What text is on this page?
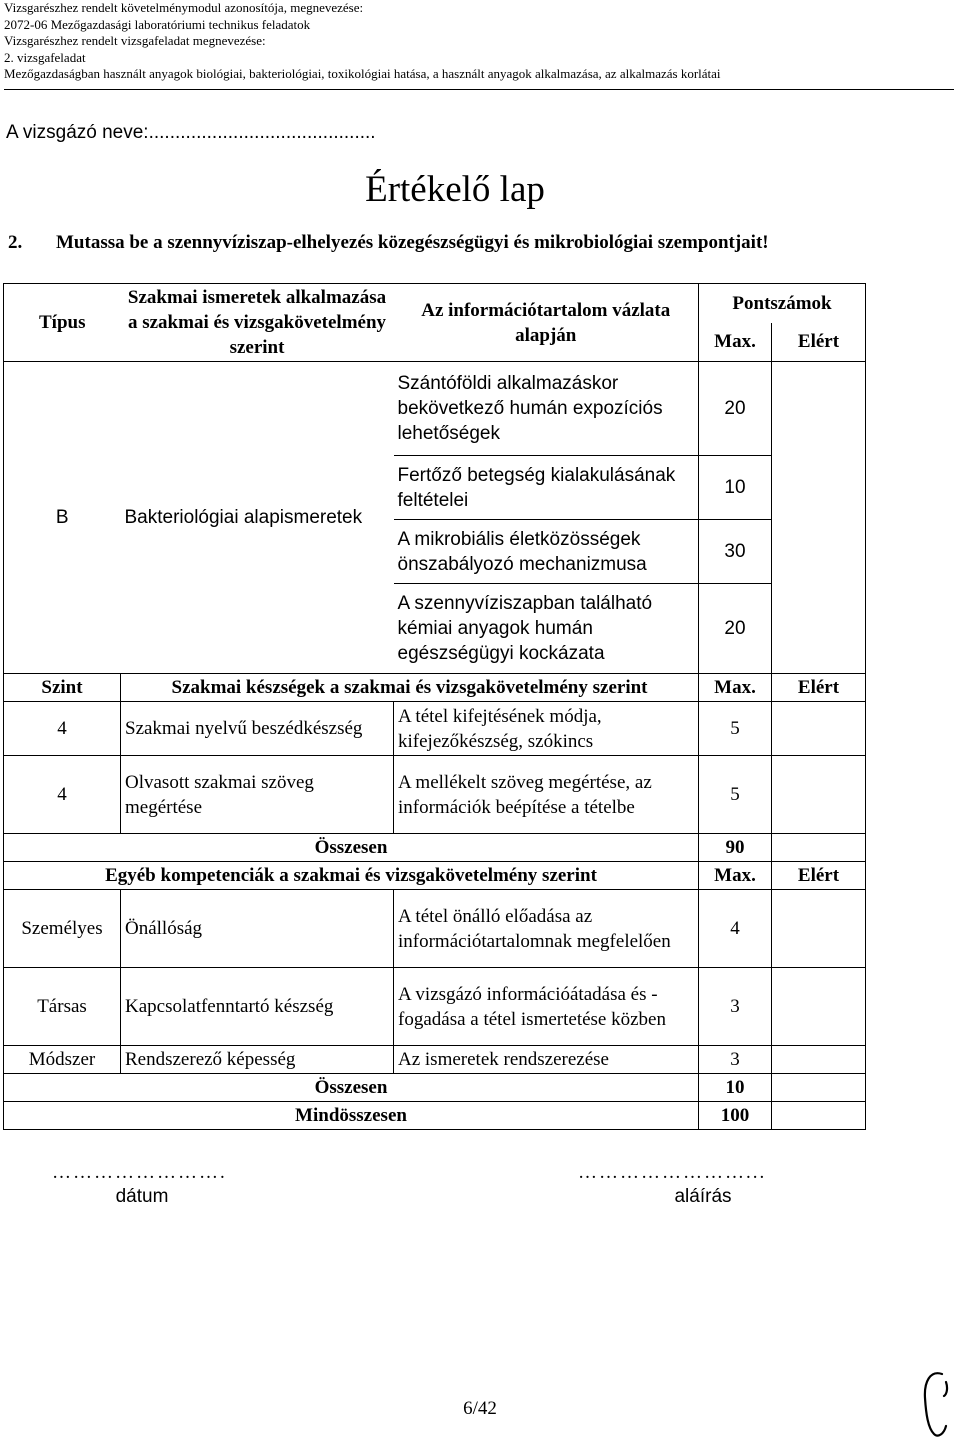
Vizsgarészhez rendelt követelménymodul azonosítója, megnevezése:
2072-06 Mezőgazdasági laboratóriumi technikus feladatok
Vizsgarészhez rendelt vizsgafeladat megnevezése:
2. vizsgafeladat
Mezőgazdaságban használt anyagok biológiai, bakteriológiai, toxikológiai hatása, a használt anyagok alkalmazása, az alkalmazás korlátai
A vizsgázó neve:...........................................
Értékelő lap
2. Mutassa be a szennyvíziszap-elhelyezés közegészségügyi és mikrobiológiai szempontjait!
Típus	Szakmai ismeretek alkalmazása a szakmai és vizsgakövetelmény szerint	Az információtartalom vázlata alapján	Pontszámok	
			Max.	Elért
B	Bakteriológiai alapismeretek	Szántóföldi alkalmazáskor bekövetkező humán expozíciós lehetőségek	20	
		Fertőző betegség kialakulásának feltételei	10	
		A mikrobiális életközösségek önszabályozó mechanizmusa	30	
		A szennyvíziszapban található kémiai anyagok humán egészségügyi kockázata	20	
Szint	Szakmai készségek a szakmai és vizsgakövetelmény szerint		Max.	Elért
4	Szakmai nyelvű beszédkészség	A tétel kifejtésének módja, kifejezőkészség, szókincs	5	
4	Olvasott szakmai szöveg megértése	A mellékelt szöveg megértése, az információk beépítése a tételbe	5	
Összesen			90	
Egyéb kompetenciák a szakmai és vizsgakövetelmény szerint			Max.	Elért
Személyes	Önállóság	A tétel önálló előadása az információtartalomnak megfelelően	4	
Társas	Kapcsolatfenntartó készség	A vizsgázó információátadása és -fogadása a tétel ismertetése közben	3	
Módszer	Rendszerező képesség	Az ismeretek rendszerezése	3	
Összesen			10	
Mindösszesen			100	
…………………….
dátum
……………………...
aláírás
6/42
